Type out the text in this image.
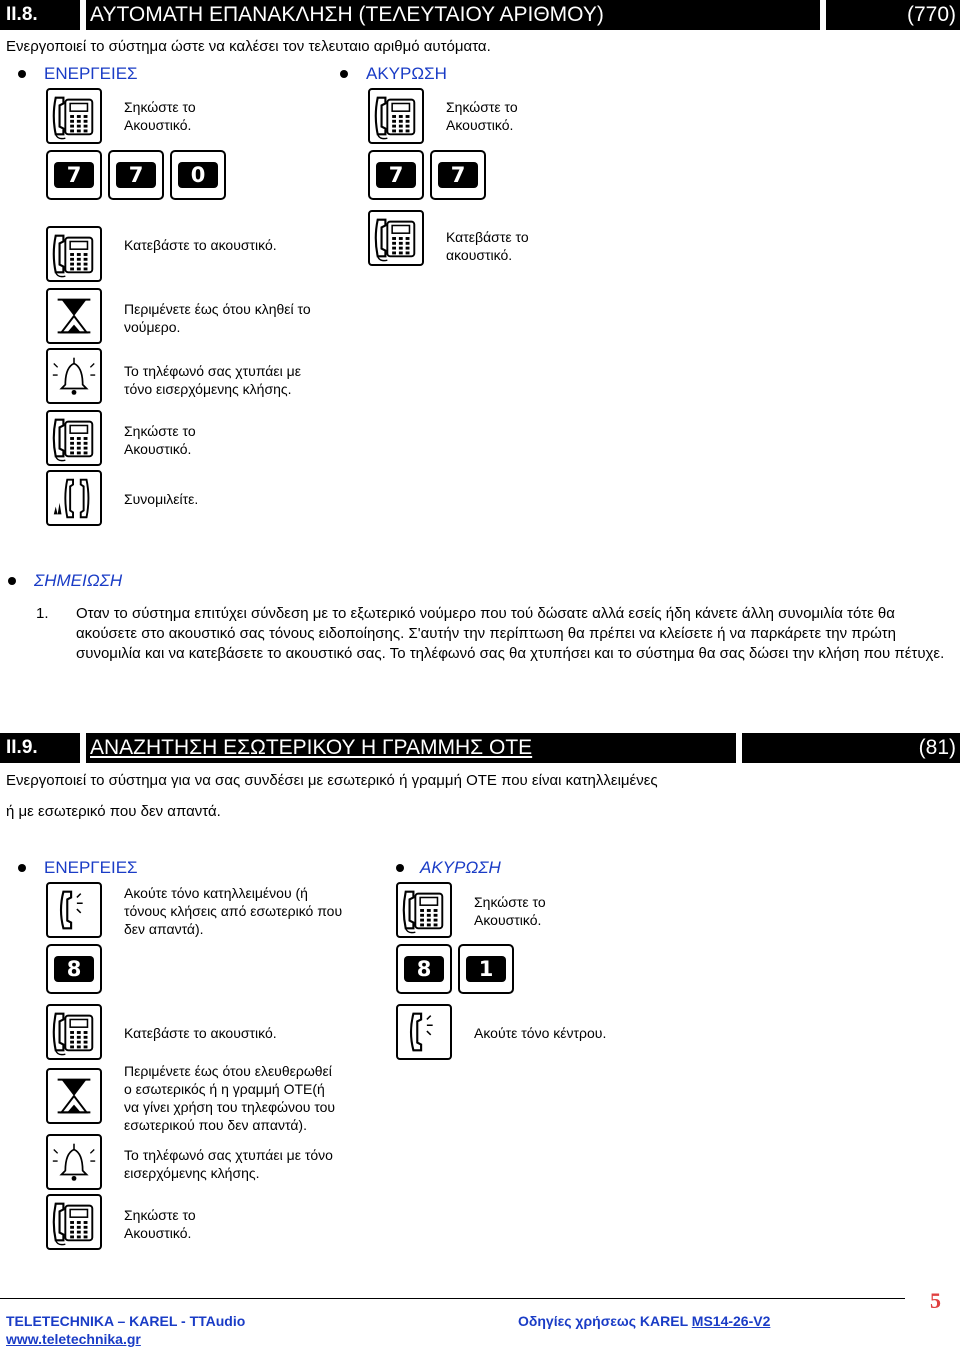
II.8.	ΑΥΤΟΜΑΤΗ ΕΠΑΝΑΚΛΗΣΗ (ΤΕΛΕΥΤΑΙΟΥ ΑΡΙΘΜΟΥ)	(770)
Ενεργοποιεί το σύστημα ώστε να καλέσει τον τελευταιο αριθμό αυτόματα.
ΕΝΕΡΓΕΙΕΣ	ΑΚΥΡΩΣΗ
Σηκώστε το
Ακουστικό.
7	7	0
Κατεβάστε το ακουστικό.
Περιμένετε έως ότου κληθεί το
νούμερο.
Το τηλέφωνό σας χτυπάει με
τόνο εισερχόμενης κλήσης.
Σηκώστε το
Ακουστικό.
Συνομιλείτε.
Σηκώστε το
Ακουστικό.
7	7
Κατεβάστε το
ακουστικό.
ΣΗΜΕΙΩΣΗ
1. Οταν το σύστημα επιτύχει σύνδεση με το εξωτερικό νούμερο που τού δώσατε αλλά εσείς ήδη κάνετε άλλη συνομιλία τότε θα ακούσετε στο ακουστικό σας τόνους ειδοποίησης. Σ'αυτήν την περίπτωση θα πρέπει να κλείσετε ή να παρκάρετε την πρώτη συνομιλία και να κατεβάσετε το ακουστικό σας. Το τηλέφωνό σας θα χτυπήσει και το σύστημα θα σας δώσει την κλήση που πέτυχε.
II.9.	ΑΝΑΖΗΤΗΣΗ ΕΣΩΤΕΡΙΚΟΥ Η ΓΡΑΜΜΗΣ ΟΤΕ	(81)
Ενεργοποιεί το σύστημα για να σας συνδέσει με εσωτερικό ή γραμμή ΟΤΕ που είναι κατηλλειμένες
ή με εσωτερικό που δεν απαντά.
ΕΝΕΡΓΕΙΕΣ	ΑΚΥΡΩΣΗ
Ακούτε τόνο κατηλλειμένου (ή
τόνους κλήσεις από εσωτερικό που
δεν απαντά).
8
Κατεβάστε το ακουστικό.
Περιμένετε έως ότου ελευθερωθεί
ο εσωτερικός ή η γραμμή ΟΤΕ(ή
να γίνει χρήση του τηλεφώνου του
εσωτερικού που δεν απαντά).
Το τηλέφωνό σας χτυπάει με τόνο
εισερχόμενης κλήσης.
Σηκώστε το
Ακουστικό.
Σηκώστε το
Ακουστικό.
8	1
Ακούτε τόνο κέντρου.
5
TELETECHNIKA – KAREL - TTAudio
www.teletechnika.gr
Οδηγίες χρήσεως KAREL MS14-26-V2
